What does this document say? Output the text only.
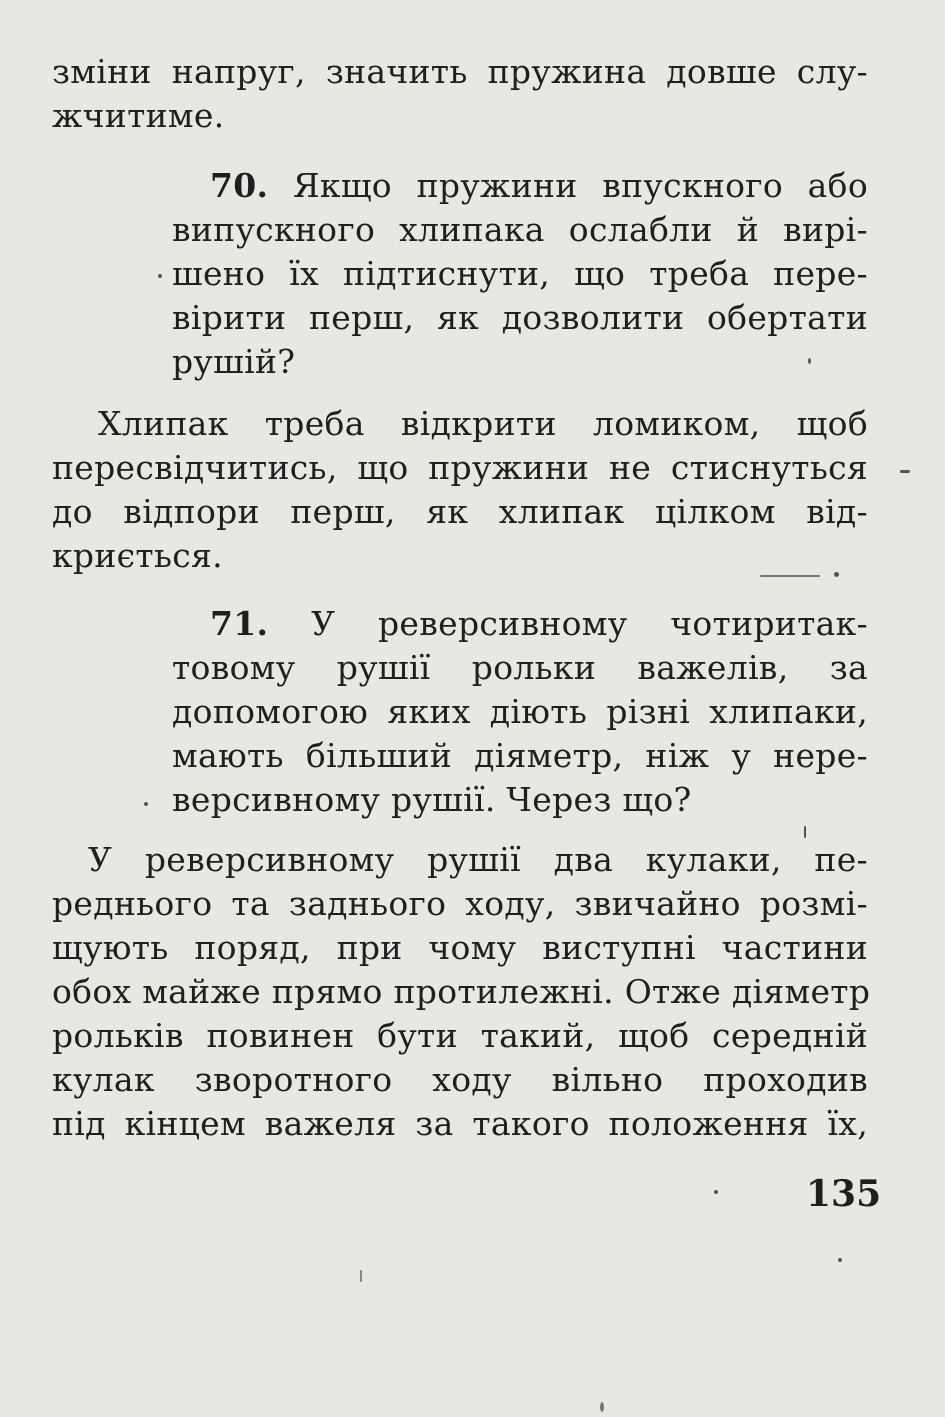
зміни напруг, значить пружина довше слу-
жчитиме.
70. Якщо пружини впускного або
випускного хлипака ослабли й вирі-
шено їх підтиснути, що треба пере-
вірити перш, як дозволити обертати
рушій?
Хлипак треба відкрити ломиком, щоб
пересвідчитись, що пружини не стиснуться
до відпори перш, як хлипак цілком від-
криється.
71. У реверсивному чотиритак-
товому рушії рольки важелів, за
допомогою яких діють різні хлипаки,
мають більший діяметр, ніж у нере-
версивному рушії. Через що?
У реверсивному рушії два кулаки, пе-
реднього та заднього ходу, звичайно розмі-
щують поряд, при чому виступні частини
обох майже прямо протилежні. Отже діяметр
рольків повинен бути такий, щоб середній
кулак зворотного ходу вільно проходив
під кінцем важеля за такого положення їх,
135
